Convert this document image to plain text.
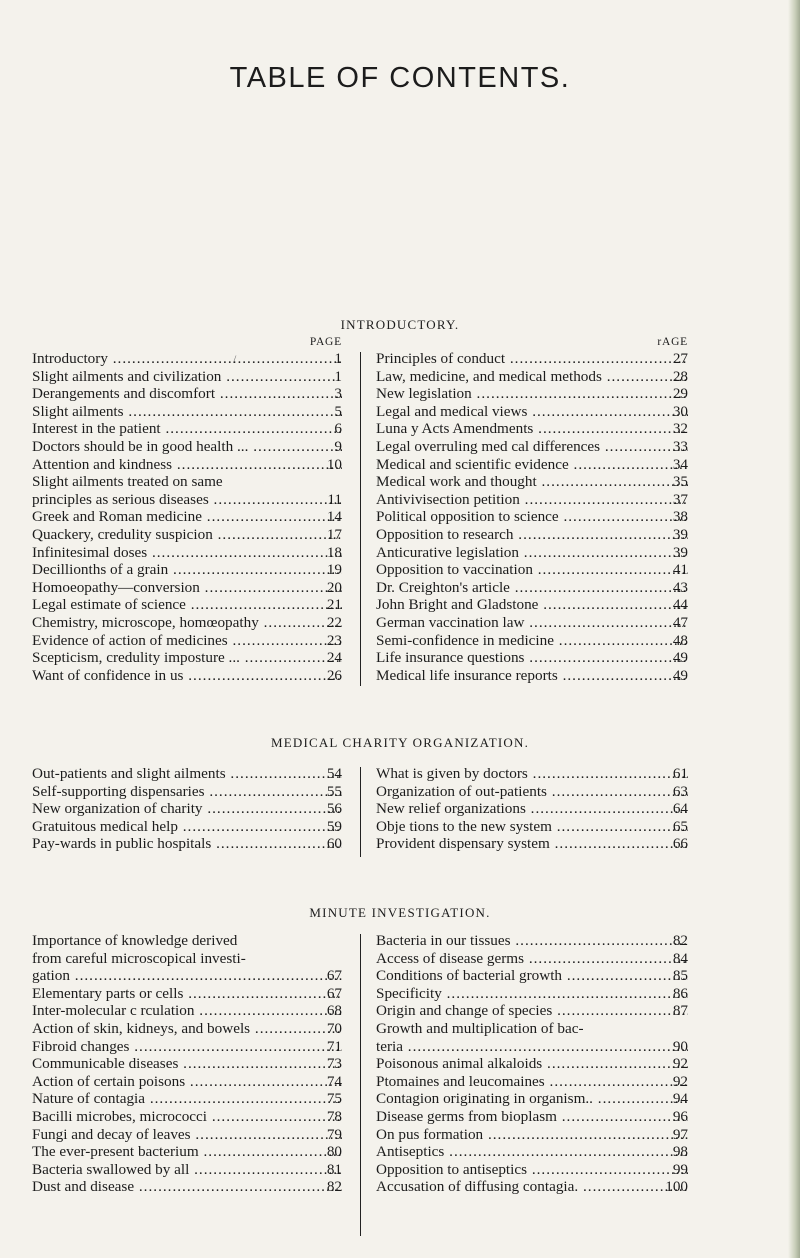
TABLE OF CONTENTS.
/
INTRODUCTORY.
PAGE
Introductory .....	1
Slight ailments and civilization .....	1
Derangements and discomfort .....	3
Slight ailments .....	5
Interest in the patient .....	6
Doctors should be in good health ... .....	9
Attention and kindness .....	10
Slight ailments treated on same
principles as serious diseases .....	11
Greek and Roman medicine .....	14
Quackery, credulity suspicion .....	17
Infinitesimal doses .....	18
Decillionths of a grain .....	19
Homoeopathy—conversion .....	20
Legal estimate of science .....	21
Chemistry, microscope, homœopathy .....	22
Evidence of action of medicines .....	23
Scepticism, credulity imposture ... .....	24
Want of confidence in us .....	26
rAGE
Principles of conduct .....	27
Law, medicine, and medical methods .....	28
New legislation .....	29
Legal and medical views .....	30
Luna y Acts Amendments .....	32
Legal overruling med cal differences .....	33
Medical and scientific evidence .....	34
Medical work and thought .....	35
Antivivisection petition .....	37
Political opposition to science .....	38
Opposition to research .....	39
Anticurative legislation .....	39
Opposition to vaccination .....	41
Dr. Creighton's article .....	43
John Bright and Gladstone .....	44
German vaccination law .....	47
Semi-confidence in medicine .....	48
Life insurance questions .....	49
Medical life insurance reports .....	49
MEDICAL CHARITY ORGANIZATION.
Out-patients and slight ailments .....	54
Self-supporting dispensaries .....	55
New organization of charity .....	56
Gratuitous medical help .....	59
Pay-wards in public hospitals .....	60
What is given by doctors .....	61
Organization of out-patients .....	63
New relief organizations .....	64
Obje tions to the new system .....	65
Provident dispensary system .....	66
MINUTE INVESTIGATION.
Importance of knowledge derived
from careful microscopical investi-
gation .....	67
Elementary parts or cells .....	67
Inter-molecular c rculation .....	68
Action of skin, kidneys, and bowels .....	70
Fibroid changes .....	71
Communicable diseases .....	73
Action of certain poisons .....	74
Nature of contagia .....	75
Bacilli microbes, micrococci .....	78
Fungi and decay of leaves .....	79
The ever-present bacterium .....	80
Bacteria swallowed by all .....	81
Dust and disease .....	82
Bacteria in our tissues .....	82
Access of disease germs .....	84
Conditions of bacterial growth .....	85
Specificity .....	86
Origin and change of species .....	87
Growth and multiplication of bac-
teria .....	90
Poisonous animal alkaloids .....	92
Ptomaines and leucomaines .....	92
Contagion originating in organism.. .....	94
Disease germs from bioplasm .....	96
On pus formation .....	97
Antiseptics .....	98
Opposition to antiseptics .....	99
Accusation of diffusing contagia. .....	100
